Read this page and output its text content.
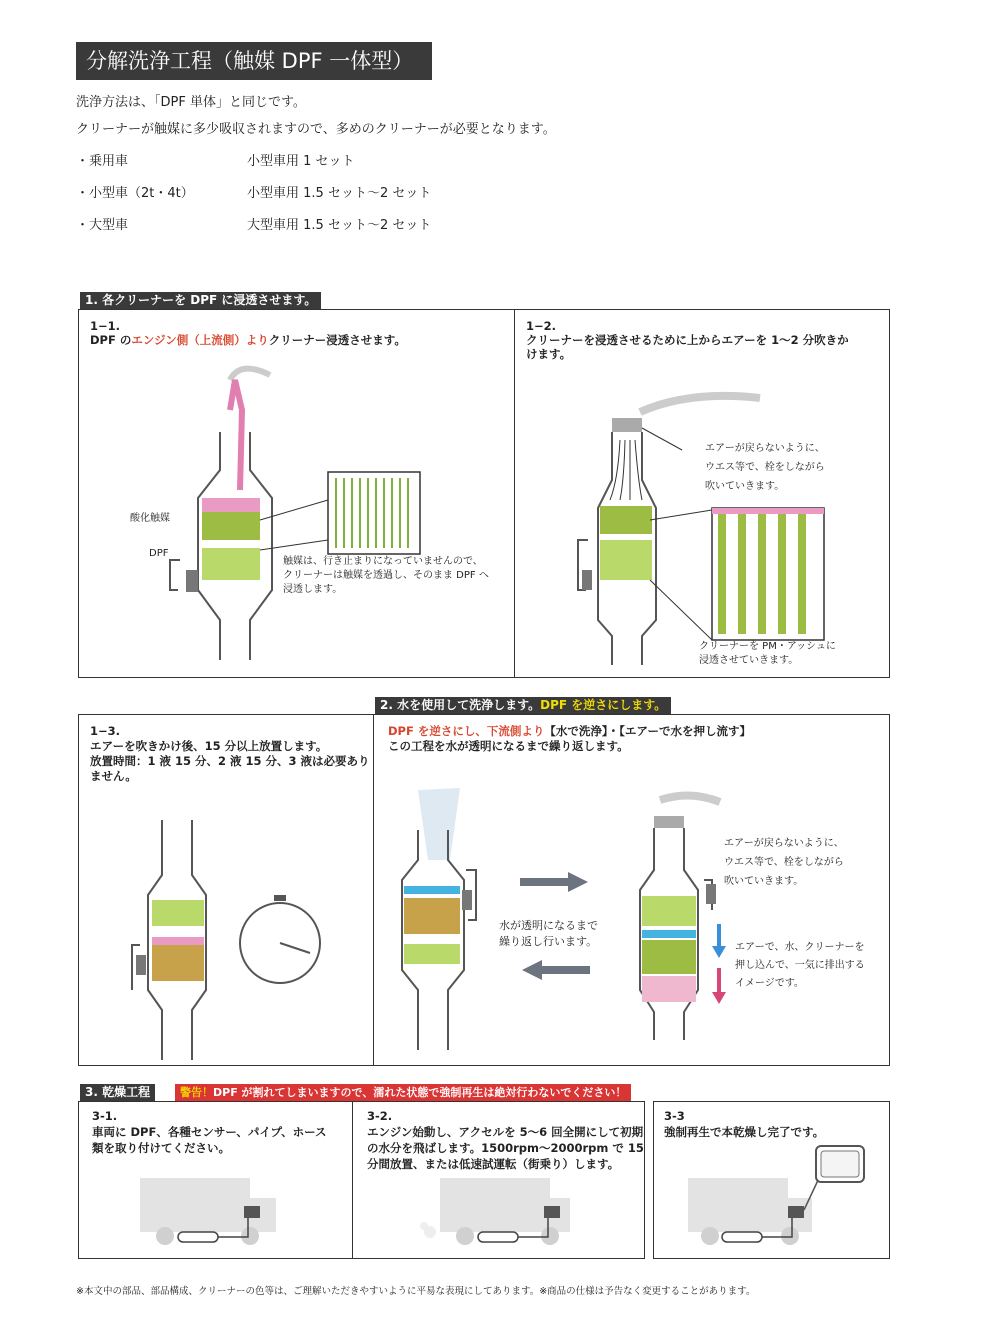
分解洗浄工程（触媒 DPF 一体型）
洗浄方法は、「DPF 単体」と同じです。
クリーナーが触媒に多少吸収されますので、多めのクリーナーが必要となります。
・乗用車	小型車用 1 セット
・小型車（2t・4t）	小型車用 1.5 セット〜2 セット
・大型車	大型車用 1.5 セット〜2 セット
1. 各クリーナーを DPF に浸透させます。
1−1.
DPF のエンジン側（上流側）よりクリーナー浸透させます。
酸化触媒
DPF
触媒は、行き止まりになっていませんので、
クリーナーは触媒を透過し、そのまま DPF へ
浸透します。
1−2.
クリーナーを浸透させるために上からエアーを 1〜2 分吹きか
けます。
エアーが戻らないように、
ウエス等で、栓をしながら
吹いていきます。
クリーナーを PM・アッシュに
浸透させていきます。
2. 水を使用して洗浄します。DPF を逆さにします。
1−3.
エアーを吹きかけ後、15 分以上放置します。
放置時間：1 液 15 分、2 液 15 分、3 液は必要あり
ません。
DPF を逆さにし、下流側より【水で洗浄】・【エアーで水を押し流す】
この工程を水が透明になるまで繰り返します。
水が透明になるまで
繰り返し行います。
エアーが戻らないように、
ウエス等で、栓をしながら
吹いていきます。
エアーで、水、クリーナーを
押し込んで、一気に排出する
イメージです。
3. 乾燥工程	警告！DPF が割れてしまいますので、濡れた状態で強制再生は絶対行わないでください！
3-1.
車両に DPF、各種センサー、パイプ、ホース
類を取り付けてください。
3-2.
エンジン始動し、アクセルを 5〜6 回全開にして初期
の水分を飛ばします。1500rpm〜2000rpm で 15
分間放置、または低速試運転（街乗り）します。
3-3
強制再生で本乾燥し完了です。
※本文中の部品、部品構成、クリーナーの色等は、ご理解いただきやすいように平易な表現にしてあります。※商品の仕様は予告なく変更することがあります。
